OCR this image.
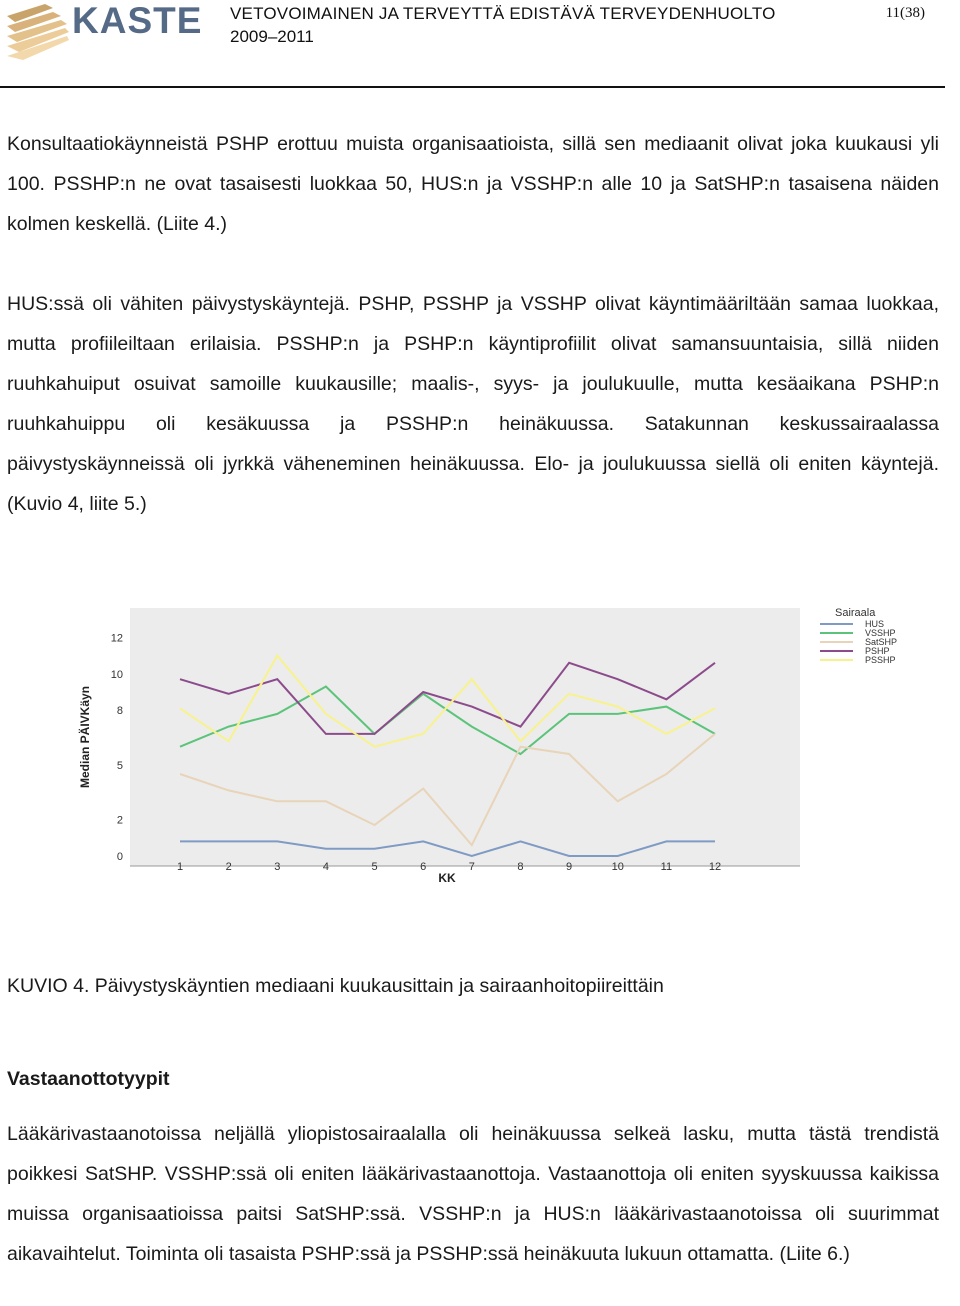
KASTE VETOVOIMAINEN JA TERVEYTTÄ EDISTÄVÄ TERVEYDENHUOLTO
2009–2011
11(38)

Konsultaatiokäynneistä PSHP erottuu muista organisaatioista, sillä sen mediaanit olivat joka kuukausi yli 100. PSSHP:n ne ovat tasaisesti luokkaa 50, HUS:n ja VSSHP:n alle 10 ja SatSHP:n tasaisena näiden kolmen keskellä. (Liite 4.)

HUS:ssä oli vähiten päivystyskäyntejä. PSHP, PSSHP ja VSSHP olivat käyntimääriltään samaa luokkaa, mutta profiileiltaan erilaisia. PSSHP:n ja PSHP:n käyntiprofiilit olivat samansuuntaisia, sillä niiden ruuhkahuiput osuivat samoille kuukausille; maalis-, syys- ja joulukuulle, mutta kesäaikana PSHP:n ruuhkahuippu oli kesäkuussa ja PSSHP:n heinäkuussa. Satakunnan keskussairaalassa päivystyskäynneissä oli jyrkkä väheneminen heinäkuussa. Elo- ja joulukuussa siellä oli eniten käyntejä. (Kuvio 4, liite 5.)

Median PÄIVKäyn
KK
Sairaala
0
2
5
8
10
12
1	2	3	4	5	6	7	8	9	10	11	12
HUS
VSSHP
SatSHP
PSHP
PSSHP
KUVIO 4. Päivystyskäyntien mediaani kuukausittain ja sairaanhoitopiireittäin
Vastaanottotyypit

Lääkärivastaanotoissa neljällä yliopistosairaalalla oli heinäkuussa selkeä lasku, mutta tästä trendistä poikkesi SatSHP. VSSHP:ssä oli eniten lääkärivastaanottoja. Vastaanottoja oli eniten syyskuussa kaikissa muissa organisaatioissa paitsi SatSHP:ssä. VSSHP:n ja HUS:n lääkärivastaanotoissa oli suurimmat aikavaihtelut. Toiminta oli tasaista PSHP:ssä ja PSSHP:ssä heinäkuuta lukuun ottamatta. (Liite 6.)
